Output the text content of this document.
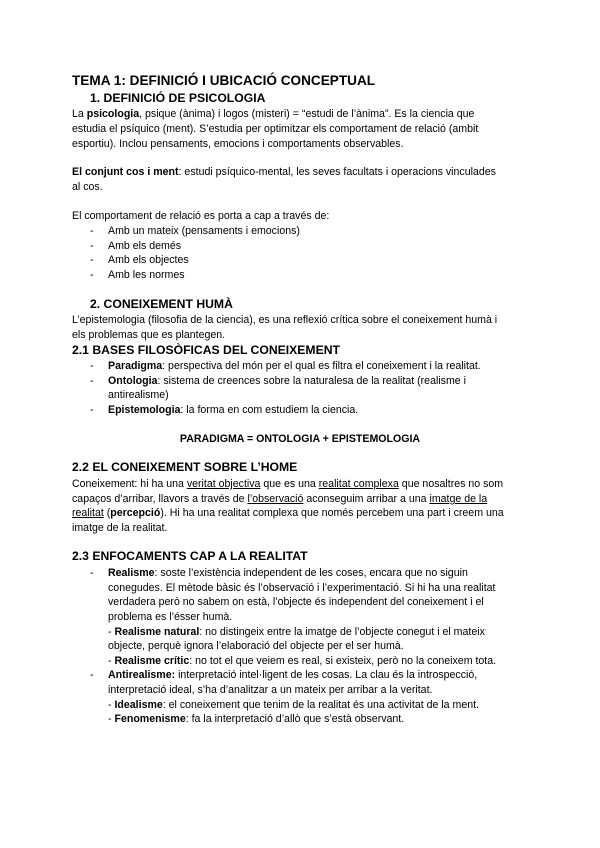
TEMA 1: DEFINICIÓ I UBICACIÓ CONCEPTUAL
1. DEFINICIÓ DE PSICOLOGIA
La psicologia, psique (ànima) i logos (misteri) = “estudi de l’ànima”. Es la ciencia que
estudia el psíquico (ment). S’estudia per optimitzar els comportament de relació (ambit
esportiu). Inclou pensaments, emocions i comportaments observables.
El conjunt cos i ment: estudi psíquico-mental, les seves facultats i operacions vinculades
al cos.
El comportament de relació es porta a cap a través de:
- Amb un mateix (pensaments i emocions)
- Amb els demés
- Amb els objectes
- Amb les normes
2. CONEIXEMENT HUMÀ
L’epistemologia (filosofia de la ciencia), es una reflexió crítica sobre el coneixement humà i
els problemas que es plantegen.
2.1 BASES FILOSÒFICAS DEL CONEIXEMENT
- Paradigma: perspectiva del món per el qual es filtra el coneixement i la realitat.
- Ontologia: sistema de creences sobre la naturalesa de la realitat (realisme i
antirealisme)
- Epistemologia: la forma en com estudiem la ciencia.
PARADIGMA = ONTOLOGIA + EPISTEMOLOGIA
2.2 EL CONEIXEMENT SOBRE L’HOME
Coneixement: hi ha una veritat objectiva que es una realitat complexa que nosaltres no som
capaços d’arribar, llavors a través de l’observació aconseguim arribar a una imatge de la
realitat (percepció). Hi ha una realitat complexa que només percebem una part i creem una
imatge de la realitat.
2.3 ENFOCAMENTS CAP A LA REALITAT
- Realisme: soste l’existència independent de les coses, encara que no siguin
conegudes. El mètode bàsic és l’observació i l’experimentació. Si hi ha una realitat
verdadera però no sabem on està, l’objecte és independent del coneixement i el
problema es l’ésser humà.
- Realisme natural: no distingeix entre la imatge de l’objecte conegut i el mateix
objecte, perquè ignora l’elaboració del objecte per el ser humà.
- Realisme crític: no tot el que veiem es real, si existeix, però no la coneixem tota.
- Antirealisme: interpretació intel·ligent de les cosas. La clau és la introspecció,
interpretació ideal, s’ha d’analitzar a un mateix per arribar a la veritat.
- Idealisme: el coneixement que tenim de la realitat és una activitat de la ment.
- Fenomenisme: fa la interpretació d’allò que s’està observant.
